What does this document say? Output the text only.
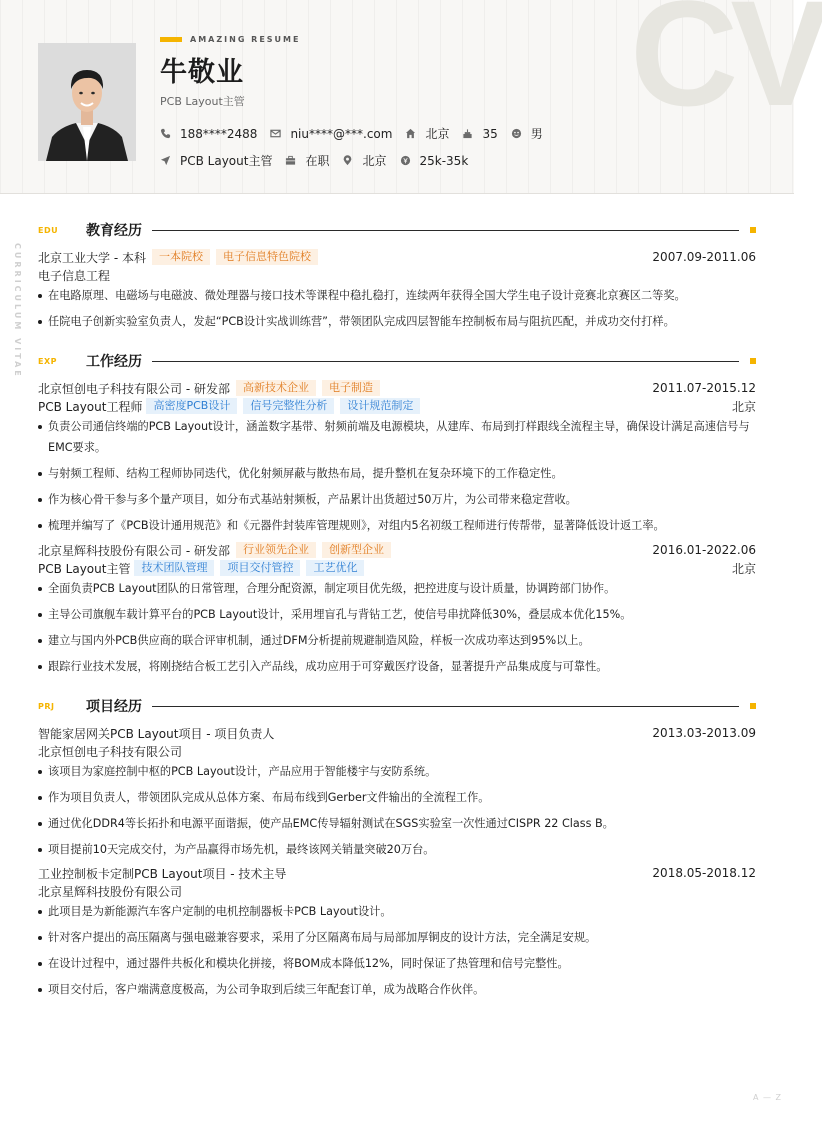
CV
AMAZING RESUME
牛敬业
PCB Layout主管
188****2488	niu****@***.com	北京	35	男
PCB Layout主管	在职	北京	25k-35k
CURRICULUM VITAE
EDU	教育经历
北京工业大学 - 本科	一本院校	电子信息特色院校	2007.09-2011.06
电子信息工程
在电路原理、电磁场与电磁波、微处理器与接口技术等课程中稳扎稳打，连续两年获得全国大学生电子设计竞赛北京赛区二等奖。
任院电子创新实验室负责人，发起“PCB设计实战训练营”，带领团队完成四层智能车控制板布局与阻抗匹配，并成功交付打样。
EXP	工作经历
北京恒创电子科技有限公司 - 研发部	高新技术企业	电子制造	2011.07-2015.12
PCB Layout工程师	高密度PCB设计	信号完整性分析	设计规范制定	北京
负责公司通信终端的PCB Layout设计，涵盖数字基带、射频前端及电源模块，从建库、布局到打样跟线全流程主导，确保设计满足高速信号与EMC要求。
与射频工程师、结构工程师协同迭代，优化射频屏蔽与散热布局，提升整机在复杂环境下的工作稳定性。
作为核心骨干参与多个量产项目，如分布式基站射频板，产品累计出货超过50万片，为公司带来稳定营收。
梳理并编写了《PCB设计通用规范》和《元器件封装库管理规则》，对组内5名初级工程师进行传帮带，显著降低设计返工率。
北京星辉科技股份有限公司 - 研发部	行业领先企业	创新型企业	2016.01-2022.06
PCB Layout主管	技术团队管理	项目交付管控	工艺优化	北京
全面负责PCB Layout团队的日常管理，合理分配资源，制定项目优先级，把控进度与设计质量，协调跨部门协作。
主导公司旗舰车载计算平台的PCB Layout设计，采用埋盲孔与背钻工艺，使信号串扰降低30%，叠层成本优化15%。
建立与国内外PCB供应商的联合评审机制，通过DFM分析提前规避制造风险，样板一次成功率达到95%以上。
跟踪行业技术发展，将刚挠结合板工艺引入产品线，成功应用于可穿戴医疗设备，显著提升产品集成度与可靠性。
PRJ	项目经历
智能家居网关PCB Layout项目 - 项目负责人	2013.03-2013.09
北京恒创电子科技有限公司
该项目为家庭控制中枢的PCB Layout设计，产品应用于智能楼宇与安防系统。
作为项目负责人，带领团队完成从总体方案、布局布线到Gerber文件输出的全流程工作。
通过优化DDR4等长拓扑和电源平面谐振，使产品EMC传导辐射测试在SGS实验室一次性通过CISPR 22 Class B。
项目提前10天完成交付，为产品赢得市场先机，最终该网关销量突破20万台。
工业控制板卡定制PCB Layout项目 - 技术主导	2018.05-2018.12
北京星辉科技股份有限公司
此项目是为新能源汽车客户定制的电机控制器板卡PCB Layout设计。
针对客户提出的高压隔离与强电磁兼容要求，采用了分区隔离布局与局部加厚铜皮的设计方法，完全满足安规。
在设计过程中，通过器件共板化和模块化拼接，将BOM成本降低12%，同时保证了热管理和信号完整性。
项目交付后，客户端满意度极高，为公司争取到后续三年配套订单，成为战略合作伙伴。
A — Z
